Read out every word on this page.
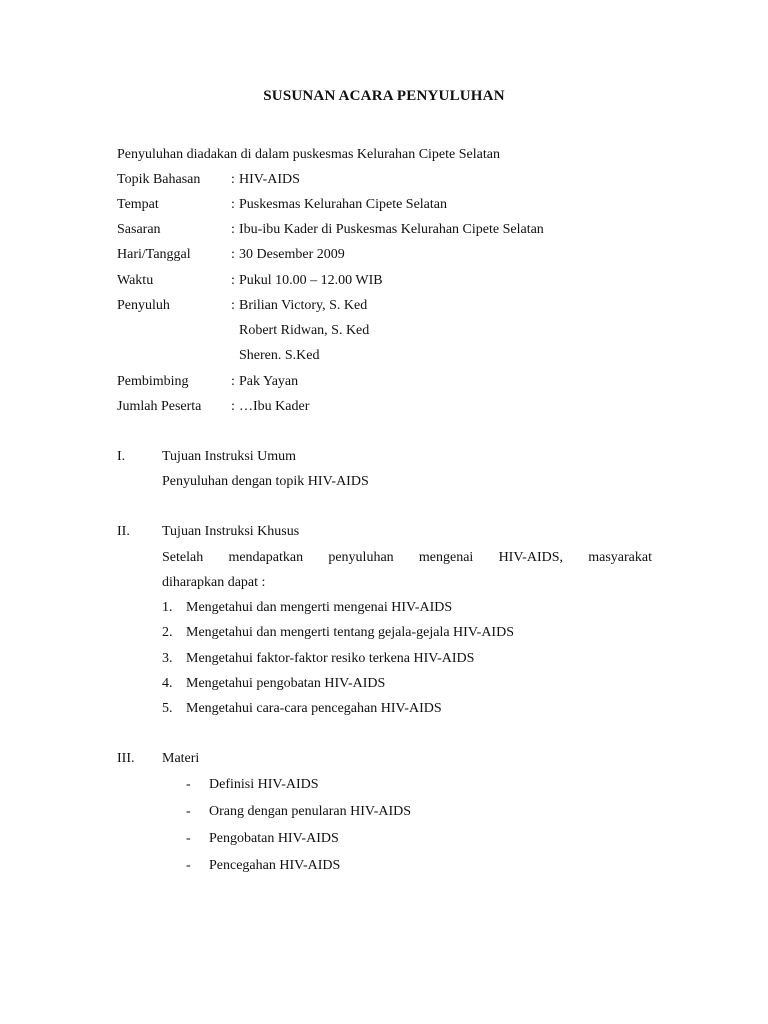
SUSUNAN ACARA PENYULUHAN
Penyuluhan diadakan di dalam puskesmas Kelurahan Cipete Selatan
Topik Bahasan	: HIV-AIDS
Tempat	: Puskesmas Kelurahan Cipete Selatan
Sasaran	: Ibu-ibu Kader di Puskesmas Kelurahan Cipete Selatan
Hari/Tanggal	: 30 Desember 2009
Waktu	: Pukul 10.00 – 12.00 WIB
Penyuluh	: Brilian Victory, S. Ked
Robert Ridwan, S. Ked
Sheren. S.Ked
Pembimbing	: Pak Yayan
Jumlah Peserta	: …Ibu Kader
I.	Tujuan Instruksi Umum
Penyuluhan dengan topik HIV-AIDS
II. Tujuan Instruksi Khusus
Setelah mendapatkan penyuluhan mengenai HIV-AIDS, masyarakat
diharapkan dapat :
1. Mengetahui dan mengerti mengenai HIV-AIDS
2. Mengetahui dan mengerti tentang gejala-gejala HIV-AIDS
3. Mengetahui faktor-faktor resiko terkena HIV-AIDS
4. Mengetahui pengobatan HIV-AIDS
5. Mengetahui cara-cara pencegahan HIV-AIDS
III. Materi
- Definisi HIV-AIDS
- Orang dengan penularan HIV-AIDS
- Pengobatan HIV-AIDS
- Pencegahan HIV-AIDS
